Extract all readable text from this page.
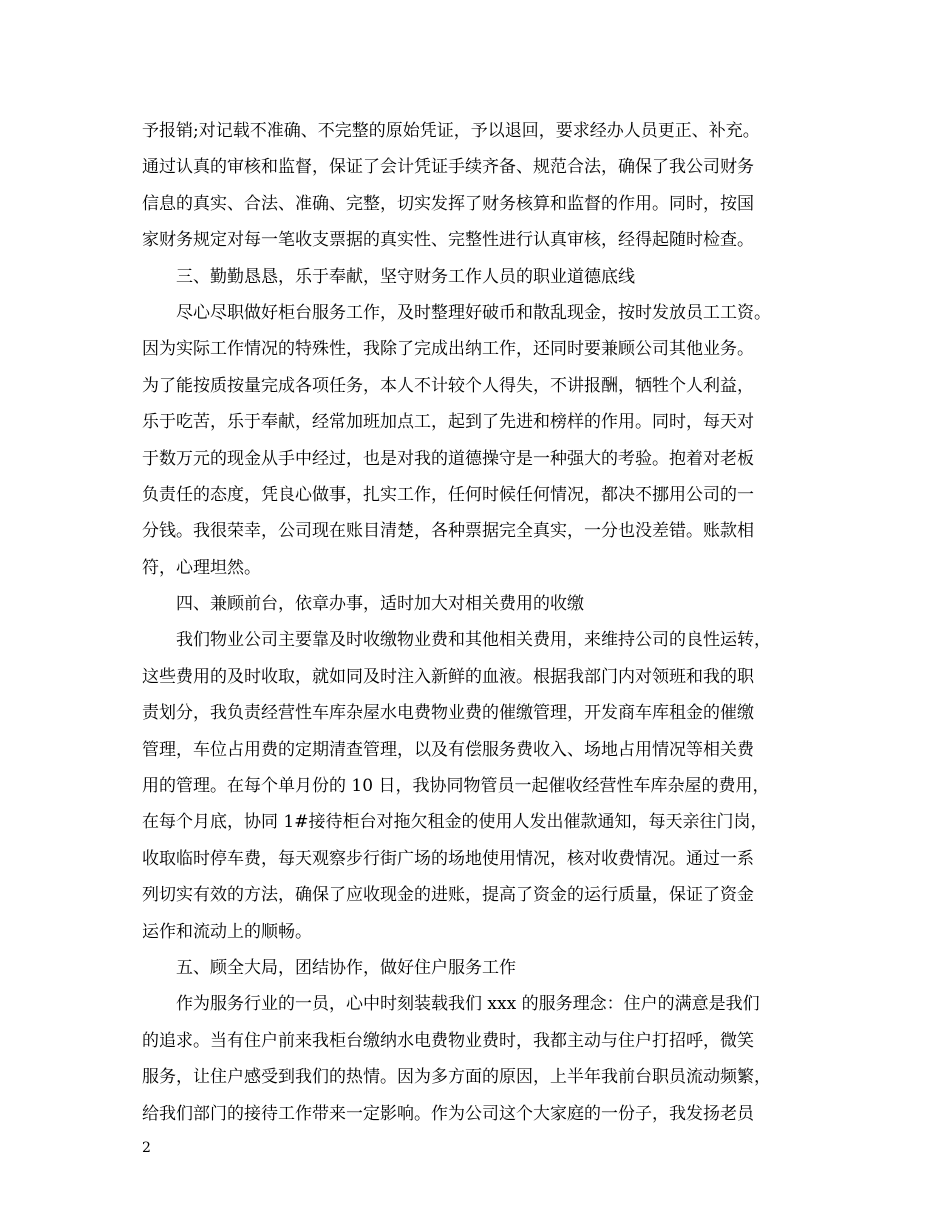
予报销;对记载不准确、不完整的原始凭证，予以退回，要求经办人员更正、补充。
通过认真的审核和监督，保证了会计凭证手续齐备、规范合法，确保了我公司财务
信息的真实、合法、准确、完整，切实发挥了财务核算和监督的作用。同时，按国
家财务规定对每一笔收支票据的真实性、完整性进行认真审核，经得起随时检查。
三、勤勤恳恳，乐于奉献，坚守财务工作人员的职业道德底线
尽心尽职做好柜台服务工作，及时整理好破币和散乱现金，按时发放员工工资。
因为实际工作情况的特殊性，我除了完成出纳工作，还同时要兼顾公司其他业务。
为了能按质按量完成各项任务，本人不计较个人得失，不讲报酬，牺牲个人利益，
乐于吃苦，乐于奉献，经常加班加点工，起到了先进和榜样的作用。同时，每天对
于数万元的现金从手中经过，也是对我的道德操守是一种强大的考验。抱着对老板
负责任的态度，凭良心做事，扎实工作，任何时候任何情况，都决不挪用公司的一
分钱。我很荣幸，公司现在账目清楚，各种票据完全真实，一分也没差错。账款相
符，心理坦然。
四、兼顾前台，依章办事，适时加大对相关费用的收缴
我们物业公司主要靠及时收缴物业费和其他相关费用，来维持公司的良性运转，
这些费用的及时收取，就如同及时注入新鲜的血液。根据我部门内对领班和我的职
责划分，我负责经营性车库杂屋水电费物业费的催缴管理，开发商车库租金的催缴
管理，车位占用费的定期清查管理，以及有偿服务费收入、场地占用情况等相关费
用的管理。在每个单月份的 10 日，我协同物管员一起催收经营性车库杂屋的费用，
在每个月底，协同 1#接待柜台对拖欠租金的使用人发出催款通知，每天亲往门岗，
收取临时停车费，每天观察步行街广场的场地使用情况，核对收费情况。通过一系
列切实有效的方法，确保了应收现金的进账，提高了资金的运行质量，保证了资金
运作和流动上的顺畅。
五、顾全大局，团结协作，做好住户服务工作
作为服务行业的一员，心中时刻装载我们 xxx 的服务理念：住户的满意是我们
的追求。当有住户前来我柜台缴纳水电费物业费时，我都主动与住户打招呼，微笑
服务，让住户感受到我们的热情。因为多方面的原因，上半年我前台职员流动频繁，
给我们部门的接待工作带来一定影响。作为公司这个大家庭的一份子，我发扬老员
2
